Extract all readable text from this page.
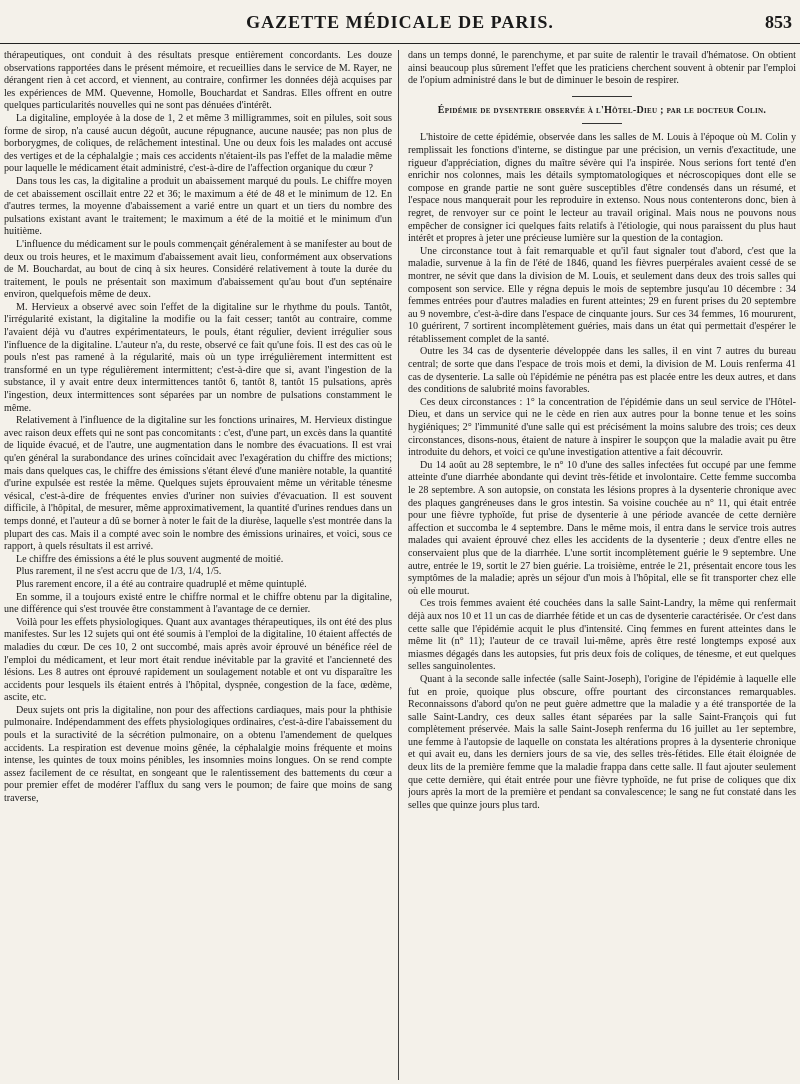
GAZETTE MÉDICALE DE PARIS.	853

thérapeutiques, ont conduit à des résultats presque entièrement concordants. Les douze observations rapportées dans le présent mémoire, et recueillies dans le service de M. Rayer, ne dérangent rien à cet accord, et viennent, au contraire, confirmer les données déjà acquises par les expériences de MM. Quevenne, Homolle, Bouchardat et Sandras. Elles offrent en outre quelques particularités nouvelles qui ne sont pas dénuées d'intérêt.

La digitaline, employée à la dose de 1, 2 et même 3 milligrammes, soit en pilules, soit sous forme de sirop, n'a causé aucun dégoût, aucune répugnance, aucune nausée; pas non plus de borborygmes, de coliques, de relâchement intestinal. Une ou deux fois les malades ont accusé des vertiges et de la céphalalgie ; mais ces accidents n'étaient-ils pas l'effet de la maladie même pour laquelle le médicament était administré, c'est-à-dire de l'affection organique du cœur ?

Dans tous les cas, la digitaline a produit un abaissement marqué du pouls. Le chiffre moyen de cet abaissement oscillait entre 22 et 36; le maximum a été de 48 et le minimum de 12. En d'autres termes, la moyenne d'abaissement a varié entre un quart et un tiers du nombre des pulsations existant avant le traitement; le maximum a été de la moitié et le minimum d'un huitième.

L'influence du médicament sur le pouls commençait généralement à se manifester au bout de deux ou trois heures, et le maximum d'abaissement avait lieu, conformément aux observations de M. Bouchardat, au bout de cinq à six heures. Considéré relativement à toute la durée du traitement, le pouls ne présentait son maximum d'abaissement qu'au bout d'un septénaire environ, quelquefois même de deux.

M. Hervieux a observé avec soin l'effet de la digitaline sur le rhythme du pouls. Tantôt, l'irrégularité existant, la digitaline la modifie ou la fait cesser; tantôt au contraire, comme l'avaient déjà vu d'autres expérimentateurs, le pouls, étant régulier, devient irrégulier sous l'influence de la digitaline. L'auteur n'a, du reste, observé ce fait qu'une fois. Il est des cas où le pouls n'est pas ramené à la régularité, mais où un type irrégulièrement intermittent est transformé en un type régulièrement intermittent; c'est-à-dire que si, avant l'ingestion de la substance, il y avait entre deux intermittences tantôt 6, tantôt 8, tantôt 15 pulsations, après l'ingestion, deux intermittences sont séparées par un nombre de pulsations constamment le même.

Relativement à l'influence de la digitaline sur les fonctions urinaires, M. Hervieux distingue avec raison deux effets qui ne sont pas concomitants : c'est, d'une part, un excès dans la quantité de liquide évacué, et de l'autre, une augmentation dans le nombre des évacuations. Il est vrai qu'en général la surabondance des urines coïncidait avec l'exagération du chiffre des mictions; mais dans quelques cas, le chiffre des émissions s'étant élevé d'une manière notable, la quantité d'urine expulsée est restée la même. Quelques sujets éprouvaient même un véritable ténesme vésical, c'est-à-dire de fréquentes envies d'uriner non suivies d'évacuation. Il est souvent difficile, à l'hôpital, de mesurer, même approximativement, la quantité d'urines rendues dans un temps donné, et l'auteur a dû se borner à noter le fait de la diurèse, laquelle s'est montrée dans la plupart des cas. Mais il a compté avec soin le nombre des émissions urinaires, et voici, sous ce rapport, à quels résultats il est arrivé.

Le chiffre des émissions a été le plus souvent augmenté de moitié.

Plus rarement, il ne s'est accru que de 1/3, 1/4, 1/5.

Plus rarement encore, il a été au contraire quadruplé et même quintuplé.

En somme, il a toujours existé entre le chiffre normal et le chiffre obtenu par la digitaline, une différence qui s'est trouvée être constamment à l'avantage de ce dernier.

Voilà pour les effets physiologiques. Quant aux avantages thérapeutiques, ils ont été des plus manifestes. Sur les 12 sujets qui ont été soumis à l'emploi de la digitaline, 10 étaient affectés de maladies du cœur. De ces 10, 2 ont succombé, mais après avoir éprouvé un bénéfice réel de l'emploi du médicament, et leur mort était rendue inévitable par la gravité et l'ancienneté des lésions. Les 8 autres ont éprouvé rapidement un soulagement notable et ont vu disparaître les accidents pour lesquels ils étaient entrés à l'hôpital, dyspnée, congestion de la face, œdème, ascite, etc.

Deux sujets ont pris la digitaline, non pour des affections cardiaques, mais pour la phthisie pulmonaire. Indépendamment des effets physiologiques ordinaires, c'est-à-dire l'abaissement du pouls et la suractivité de la sécrétion pulmonaire, on a obtenu l'amendement de quelques accidents. La respiration est devenue moins gênée, la céphalalgie moins fréquente et moins intense, les quintes de toux moins pénibles, les insomnies moins longues. On se rend compte assez facilement de ce résultat, en songeant que le ralentissement des battements du cœur a pour premier effet de modérer l'afflux du sang vers le poumon; de faire que moins de sang traverse,

dans un temps donné, le parenchyme, et par suite de ralentir le travail d'hématose. On obtient ainsi beaucoup plus sûrement l'effet que les praticiens cherchent souvent à obtenir par l'emploi de l'opium administré dans le but de diminuer le besoin de respirer.

Épidémie de dysenterie observée à l'Hôtel-Dieu ; par le docteur Colin.

L'histoire de cette épidémie, observée dans les salles de M. Louis à l'époque où M. Colin y remplissait les fonctions d'interne, se distingue par une précision, un vernis d'exactitude, une rigueur d'appréciation, dignes du maître sévère qui l'a inspirée. Nous serions fort tenté d'en enrichir nos colonnes, mais les détails symptomatologiques et nécroscopiques dont elle se compose en grande partie ne sont guère susceptibles d'être condensés dans un résumé, et l'espace nous manquerait pour les reproduire in extenso. Nous nous contenterons donc, bien à regret, de renvoyer sur ce point le lecteur au travail original. Mais nous ne pouvons nous empêcher de consigner ici quelques faits relatifs à l'étiologie, qui nous paraissent du plus haut intérêt et propres à jeter une précieuse lumière sur la question de la contagion.

Une circonstance tout à fait remarquable et qu'il faut signaler tout d'abord, c'est que la maladie, survenue à la fin de l'été de 1846, quand les fièvres puerpérales avaient cessé de se montrer, ne sévit que dans la division de M. Louis, et seulement dans deux des trois salles qui composent son service. Elle y régna depuis le mois de septembre jusqu'au 10 décembre : 34 femmes entrées pour d'autres maladies en furent atteintes; 29 en furent prises du 20 septembre au 9 novembre, c'est-à-dire dans l'espace de cinquante jours. Sur ces 34 femmes, 16 moururent, 10 guérirent, 7 sortirent incomplètement guéries, mais dans un état qui permettait d'espérer le rétablissement complet de la santé.

Outre les 34 cas de dysenterie développée dans les salles, il en vint 7 autres du bureau central; de sorte que dans l'espace de trois mois et demi, la division de M. Louis renferma 41 cas de dysenterie. La salle où l'épidémie ne pénétra pas est placée entre les deux autres, et dans des conditions de salubrité moins favorables.

Ces deux circonstances : 1° la concentration de l'épidémie dans un seul service de l'Hôtel-Dieu, et dans un service qui ne le cède en rien aux autres pour la bonne tenue et les soins hygiéniques; 2° l'immunité d'une salle qui est précisément la moins salubre des trois; ces deux circonstances, disons-nous, étaient de nature à inspirer le soupçon que la maladie avait pu être introduite du dehors, et voici ce qu'une investigation attentive a fait découvrir.

Du 14 août au 28 septembre, le n° 10 d'une des salles infectées fut occupé par une femme atteinte d'une diarrhée abondante qui devint très-fétide et involontaire. Cette femme succomba le 28 septembre. A son autopsie, on constata les lésions propres à la dysenterie chronique avec des plaques gangréneuses dans le gros intestin. Sa voisine couchée au n° 11, qui était entrée pour une fièvre typhoïde, fut prise de dysenterie à une période avancée de cette dernière affection et succomba le 4 septembre. Dans le même mois, il entra dans le service trois autres malades qui avaient éprouvé chez elles les accidents de la dysenterie ; deux d'entre elles ne conservaient plus que de la diarrhée. L'une sortit incomplètement guérie le 9 septembre. Une autre, entrée le 19, sortit le 27 bien guérie. La troisième, entrée le 21, présentait encore tous les symptômes de la maladie; après un séjour d'un mois à l'hôpital, elle se fit transporter chez elle où elle mourut.

Ces trois femmes avaient été couchées dans la salle Saint-Landry, la même qui renfermait déjà aux nos 10 et 11 un cas de diarrhée fétide et un cas de dysenterie caractérisée. Or c'est dans cette salle que l'épidémie acquit le plus d'intensité. Cinq femmes en furent atteintes dans le même lit (n° 11); l'auteur de ce travail lui-même, après être resté longtemps exposé aux miasmes dégagés dans les autopsies, fut pris deux fois de coliques, de ténesme, et eut quelques selles sanguinolentes.

Quant à la seconde salle infectée (salle Saint-Joseph), l'origine de l'épidémie à laquelle elle fut en proie, quoique plus obscure, offre pourtant des circonstances remarquables. Reconnaissons d'abord qu'on ne peut guère admettre que la maladie y a été transportée de la salle Saint-Landry, ces deux salles étant séparées par la salle Saint-François qui fut complètement préservée. Mais la salle Saint-Joseph renferma du 16 juillet au 1er septembre, une femme à l'autopsie de laquelle on constata les altérations propres à la dysenterie chronique et qui avait eu, dans les derniers jours de sa vie, des selles très-fétides. Elle était éloignée de deux lits de la première femme que la maladie frappa dans cette salle. Il faut ajouter seulement que cette dernière, qui était entrée pour une fièvre typhoïde, ne fut prise de coliques que dix jours après la mort de la première et pendant sa convalescence; le sang ne fut constaté dans les selles que quinze jours plus tard.
